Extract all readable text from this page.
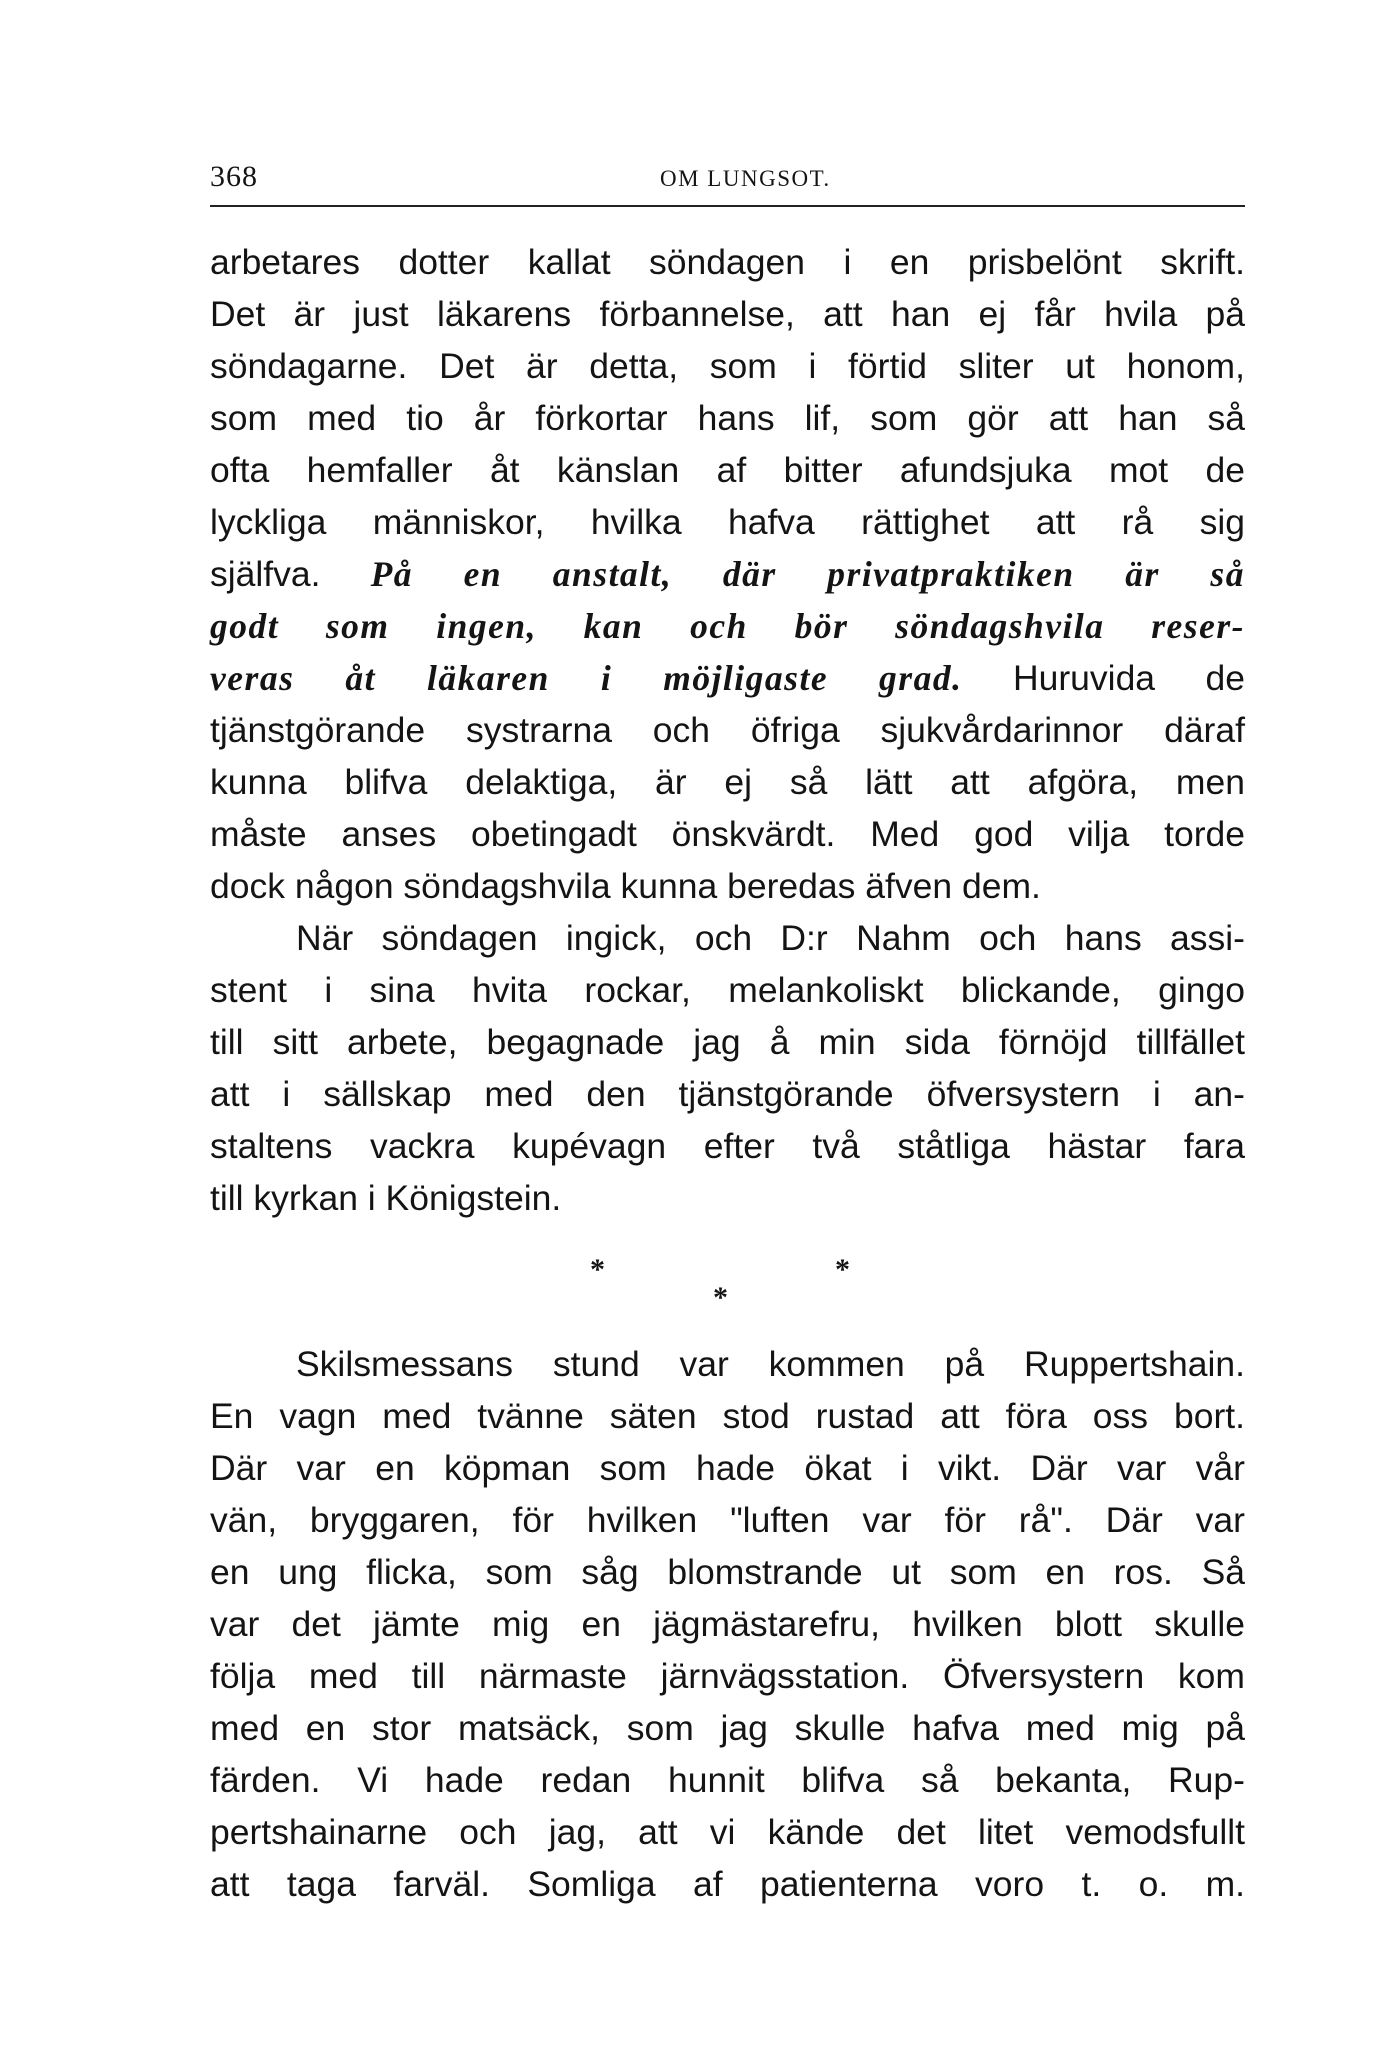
368	OM LUNGSOT.
arbetares dotter kallat söndagen i en prisbelönt skrift.
Det är just läkarens förbannelse, att han ej får hvila på
söndagarne. Det är detta, som i förtid sliter ut honom,
som med tio år förkortar hans lif, som gör att han så
ofta hemfaller åt känslan af bitter afundsjuka mot de
lyckliga människor, hvilka hafva rättighet att rå sig
själfva. På en anstalt, där privatpraktiken är så
godt som ingen, kan och bör söndagshvila reser-
veras åt läkaren i möjligaste grad. Huruvida de
tjänstgörande systrarna och öfriga sjukvårdarinnor däraf
kunna blifva delaktiga, är ej så lätt att afgöra, men
måste anses obetingadt önskvärdt. Med god vilja torde
dock någon söndagshvila kunna beredas äfven dem.
När söndagen ingick, och D:r Nahm och hans assi-
stent i sina hvita rockar, melankoliskt blickande, gingo
till sitt arbete, begagnade jag å min sida förnöjd tillfället
att i sällskap med den tjänstgörande öfversystern i an-
staltens vackra kupévagn efter två ståtliga hästar fara
till kyrkan i Königstein.
*	*
*
Skilsmessans stund var kommen på Ruppertshain.
En vagn med tvänne säten stod rustad att föra oss bort.
Där var en köpman som hade ökat i vikt. Där var vår
vän, bryggaren, för hvilken "luften var för rå". Där var
en ung flicka, som såg blomstrande ut som en ros. Så
var det jämte mig en jägmästarefru, hvilken blott skulle
följa med till närmaste järnvägsstation. Öfversystern kom
med en stor matsäck, som jag skulle hafva med mig på
färden. Vi hade redan hunnit blifva så bekanta, Rup-
pertshainarne och jag, att vi kände det litet vemodsfullt
att taga farväl. Somliga af patienterna voro t. o. m.
